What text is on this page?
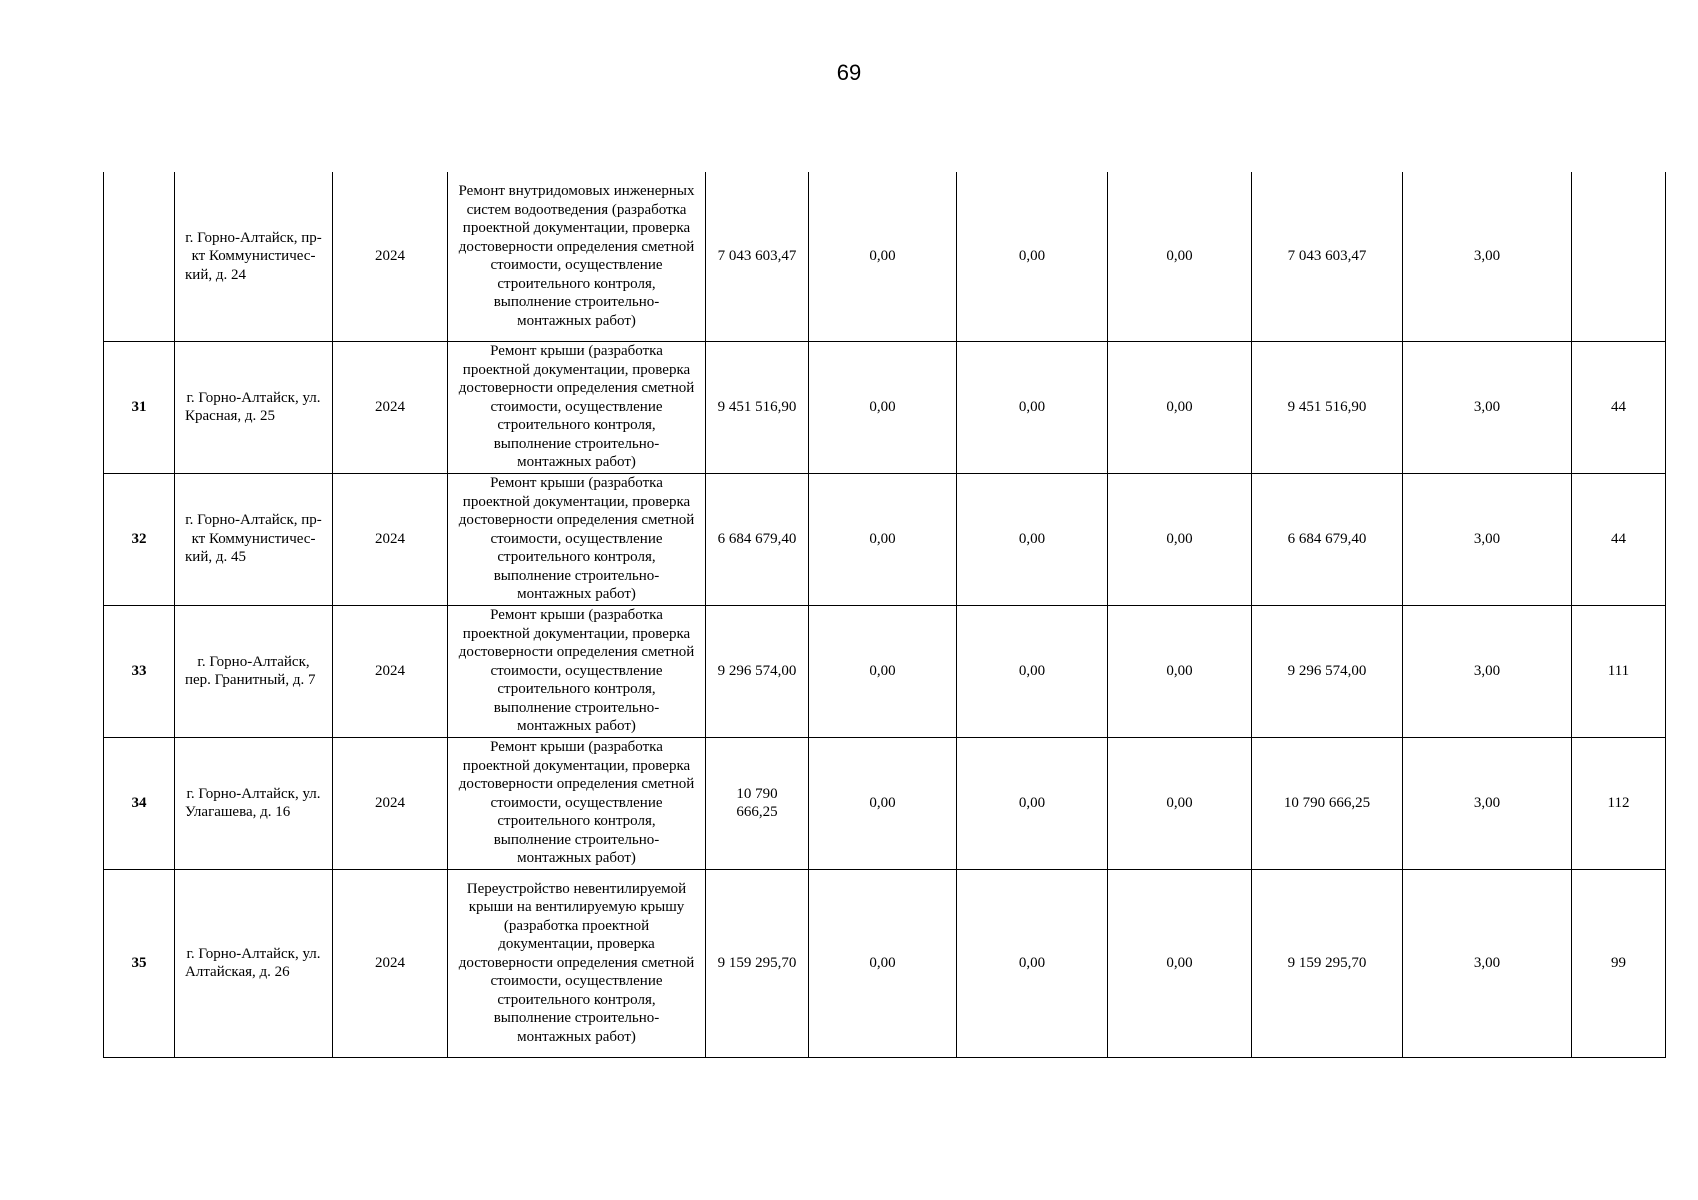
69

	г. Горно-Алтайск, пр-кт Коммунистичес-кий, д. 24	2024	Ремонт внутридомовых инженерных систем водоотведения (разработка проектной документации, проверка достоверности определения сметной стоимости, осуществление строительного контроля, выполнение строительно-монтажных работ)	7 043 603,47	0,00	0,00	0,00	7 043 603,47	3,00	
31	г. Горно-Алтайск, ул. Красная, д. 25	2024	Ремонт крыши (разработка проектной документации, проверка достоверности определения сметной стоимости, осуществление строительного контроля, выполнение строительно-монтажных работ)	9 451 516,90	0,00	0,00	0,00	9 451 516,90	3,00	44
32	г. Горно-Алтайск, пр-кт Коммунистичес-кий, д. 45	2024	Ремонт крыши (разработка проектной документации, проверка достоверности определения сметной стоимости, осуществление строительного контроля, выполнение строительно-монтажных работ)	6 684 679,40	0,00	0,00	0,00	6 684 679,40	3,00	44
33	г. Горно-Алтайск, пер. Гранитный, д. 7	2024	Ремонт крыши (разработка проектной документации, проверка достоверности определения сметной стоимости, осуществление строительного контроля, выполнение строительно-монтажных работ)	9 296 574,00	0,00	0,00	0,00	9 296 574,00	3,00	111
34	г. Горно-Алтайск, ул. Улагашева, д. 16	2024	Ремонт крыши (разработка проектной документации, проверка достоверности определения сметной стоимости, осуществление строительного контроля, выполнение строительно-монтажных работ)	10 790 666,25	0,00	0,00	0,00	10 790 666,25	3,00	112
35	г. Горно-Алтайск, ул. Алтайская, д. 26	2024	Переустройство невентилируемой крыши на вентилируемую крышу (разработка проектной документации, проверка достоверности определения сметной стоимости, осуществление строительного контроля, выполнение строительно-монтажных работ)	9 159 295,70	0,00	0,00	0,00	9 159 295,70	3,00	99
